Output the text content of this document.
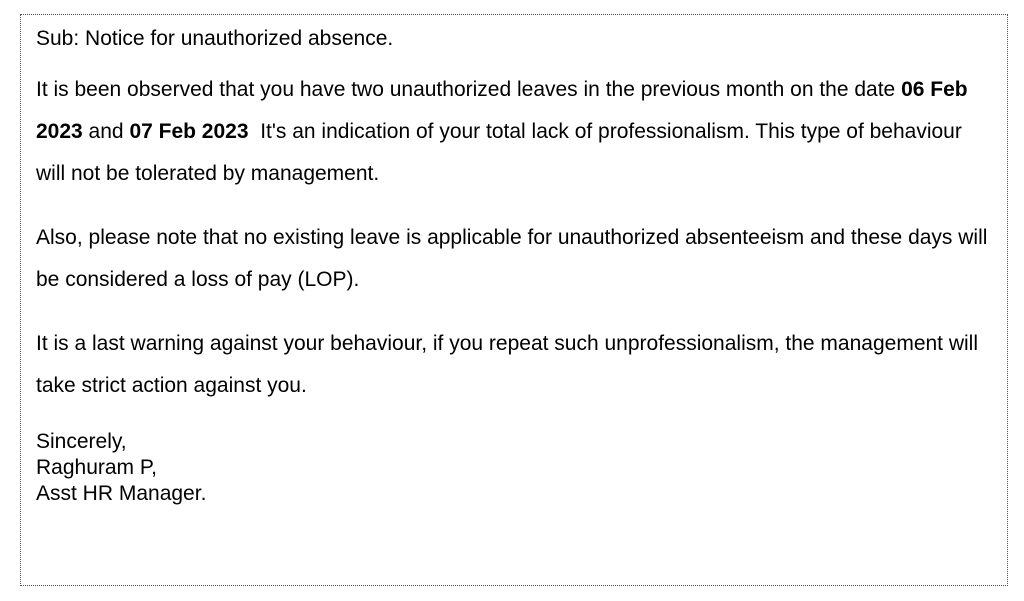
Sub: Notice for unauthorized absence.

It is been observed that you have two unauthorized leaves in the previous month on the date 06 Feb 2023 and 07 Feb 2023  It's an indication of your total lack of professionalism. This type of behaviour will not be tolerated by management.

Also, please note that no existing leave is applicable for unauthorized absenteeism and these days will be considered a loss of pay (LOP).

It is a last warning against your behaviour, if you repeat such unprofessionalism, the management will take strict action against you.

Sincerely,
Raghuram P,
Asst HR Manager.
